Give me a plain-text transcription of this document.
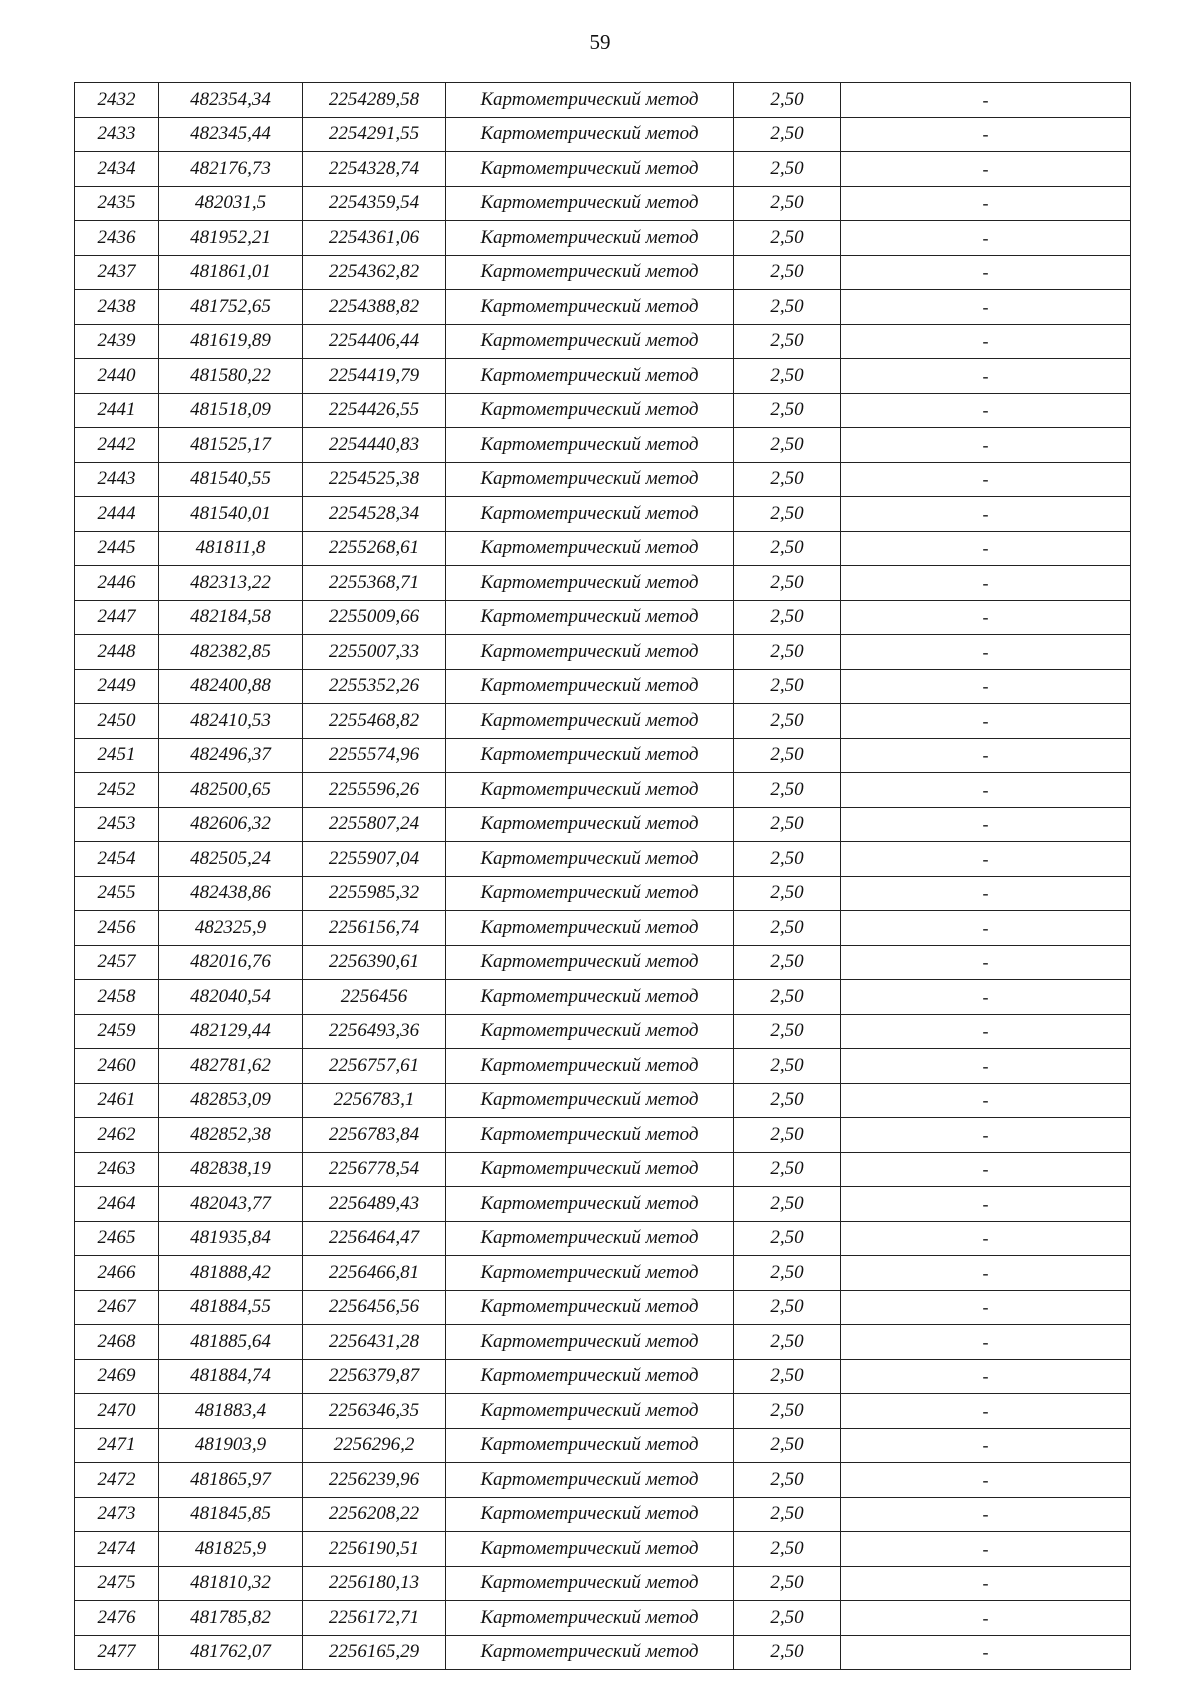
59
2432	482354,34	2254289,58	Картометрический метод	2,50	-
2433	482345,44	2254291,55	Картометрический метод	2,50	-
2434	482176,73	2254328,74	Картометрический метод	2,50	-
2435	482031,5	2254359,54	Картометрический метод	2,50	-
2436	481952,21	2254361,06	Картометрический метод	2,50	-
2437	481861,01	2254362,82	Картометрический метод	2,50	-
2438	481752,65	2254388,82	Картометрический метод	2,50	-
2439	481619,89	2254406,44	Картометрический метод	2,50	-
2440	481580,22	2254419,79	Картометрический метод	2,50	-
2441	481518,09	2254426,55	Картометрический метод	2,50	-
2442	481525,17	2254440,83	Картометрический метод	2,50	-
2443	481540,55	2254525,38	Картометрический метод	2,50	-
2444	481540,01	2254528,34	Картометрический метод	2,50	-
2445	481811,8	2255268,61	Картометрический метод	2,50	-
2446	482313,22	2255368,71	Картометрический метод	2,50	-
2447	482184,58	2255009,66	Картометрический метод	2,50	-
2448	482382,85	2255007,33	Картометрический метод	2,50	-
2449	482400,88	2255352,26	Картометрический метод	2,50	-
2450	482410,53	2255468,82	Картометрический метод	2,50	-
2451	482496,37	2255574,96	Картометрический метод	2,50	-
2452	482500,65	2255596,26	Картометрический метод	2,50	-
2453	482606,32	2255807,24	Картометрический метод	2,50	-
2454	482505,24	2255907,04	Картометрический метод	2,50	-
2455	482438,86	2255985,32	Картометрический метод	2,50	-
2456	482325,9	2256156,74	Картометрический метод	2,50	-
2457	482016,76	2256390,61	Картометрический метод	2,50	-
2458	482040,54	2256456	Картометрический метод	2,50	-
2459	482129,44	2256493,36	Картометрический метод	2,50	-
2460	482781,62	2256757,61	Картометрический метод	2,50	-
2461	482853,09	2256783,1	Картометрический метод	2,50	-
2462	482852,38	2256783,84	Картометрический метод	2,50	-
2463	482838,19	2256778,54	Картометрический метод	2,50	-
2464	482043,77	2256489,43	Картометрический метод	2,50	-
2465	481935,84	2256464,47	Картометрический метод	2,50	-
2466	481888,42	2256466,81	Картометрический метод	2,50	-
2467	481884,55	2256456,56	Картометрический метод	2,50	-
2468	481885,64	2256431,28	Картометрический метод	2,50	-
2469	481884,74	2256379,87	Картометрический метод	2,50	-
2470	481883,4	2256346,35	Картометрический метод	2,50	-
2471	481903,9	2256296,2	Картометрический метод	2,50	-
2472	481865,97	2256239,96	Картометрический метод	2,50	-
2473	481845,85	2256208,22	Картометрический метод	2,50	-
2474	481825,9	2256190,51	Картометрический метод	2,50	-
2475	481810,32	2256180,13	Картометрический метод	2,50	-
2476	481785,82	2256172,71	Картометрический метод	2,50	-
2477	481762,07	2256165,29	Картометрический метод	2,50	-
